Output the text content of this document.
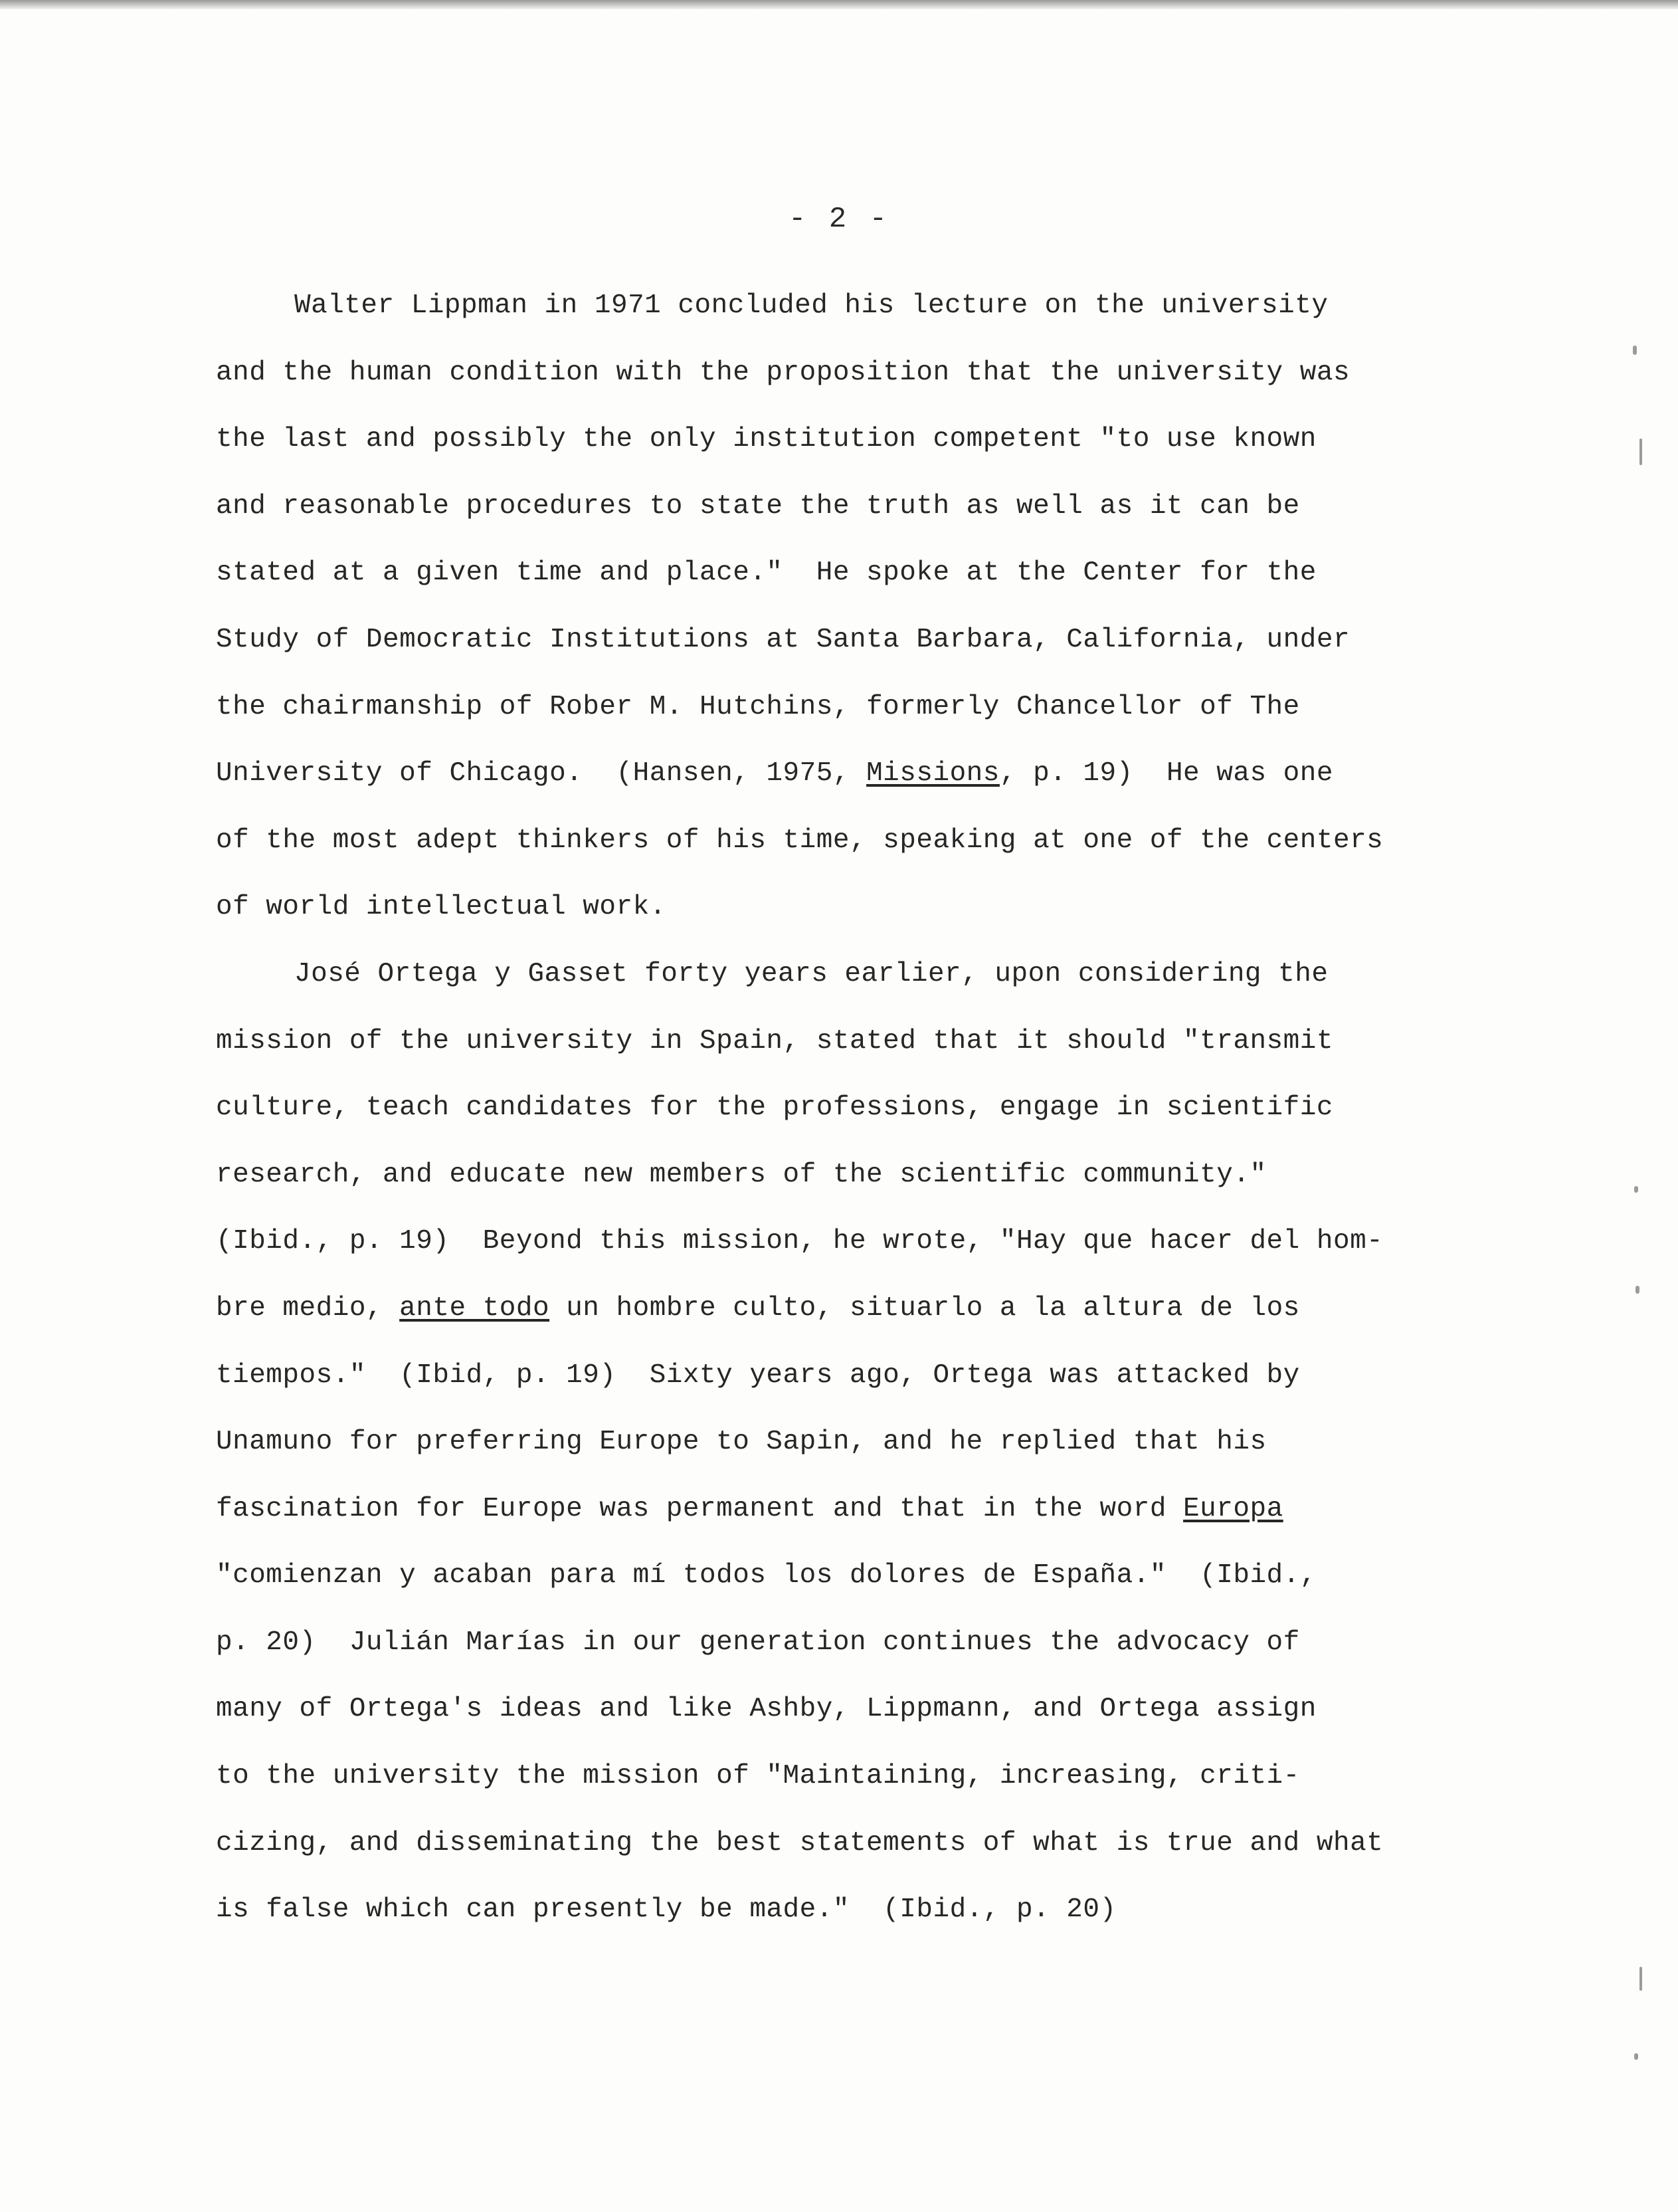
- 2 -
Walter Lippman in 1971 concluded his lecture on the university
and the human condition with the proposition that the university was
the last and possibly the only institution competent "to use known
and reasonable procedures to state the truth as well as it can be
stated at a given time and place."  He spoke at the Center for the
Study of Democratic Institutions at Santa Barbara, California, under
the chairmanship of Rober M. Hutchins, formerly Chancellor of The
University of Chicago.  (Hansen, 1975, Missions, p. 19)  He was one
of the most adept thinkers of his time, speaking at one of the centers
of world intellectual work.
José Ortega y Gasset forty years earlier, upon considering the
mission of the university in Spain, stated that it should "transmit
culture, teach candidates for the professions, engage in scientific
research, and educate new members of the scientific community."
(Ibid., p. 19)  Beyond this mission, he wrote, "Hay que hacer del hom-
bre medio, ante todo un hombre culto, situarlo a la altura de los
tiempos."  (Ibid, p. 19)  Sixty years ago, Ortega was attacked by
Unamuno for preferring Europe to Sapin, and he replied that his
fascination for Europe was permanent and that in the word Europa
"comienzan y acaban para mí todos los dolores de España."  (Ibid.,
p. 20)  Julián Marías in our generation continues the advocacy of
many of Ortega's ideas and like Ashby, Lippmann, and Ortega assign
to the university the mission of "Maintaining, increasing, criti-
cizing, and disseminating the best statements of what is true and what
is false which can presently be made."  (Ibid., p. 20)
